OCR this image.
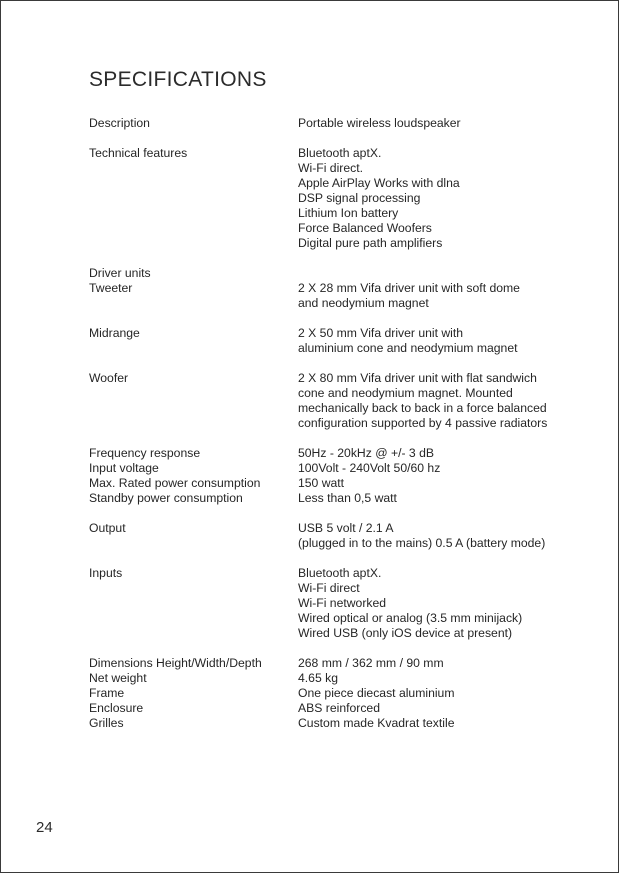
SPECIFICATIONS
Description	Portable wireless loudspeaker
Technical features	Bluetooth aptX.
Wi-Fi direct.
Apple AirPlay Works with dlna
DSP signal processing
Lithium Ion battery
Force Balanced Woofers
Digital pure path amplifiers
Driver units
Tweeter	2 X 28 mm Vifa driver unit with soft dome
and neodymium magnet
Midrange	2 X 50 mm Vifa driver unit with
aluminium cone and neodymium magnet
Woofer	2 X 80 mm Vifa driver unit with flat sandwich
cone and neodymium magnet. Mounted
mechanically back to back in a force balanced
configuration supported by 4 passive radiators
Frequency response	50Hz - 20kHz @ +/- 3 dB
Input voltage	100Volt - 240Volt 50/60 hz
Max. Rated power consumption	150 watt
Standby power consumption	Less than 0,5 watt
Output	USB 5 volt / 2.1 A
(plugged in to the mains) 0.5 A (battery mode)
Inputs	Bluetooth aptX.
Wi-Fi direct
Wi-Fi networked
Wired optical or analog (3.5 mm minijack)
Wired USB (only iOS device at present)
Dimensions Height/Width/Depth	268 mm / 362 mm / 90 mm
Net weight	4.65 kg
Frame	One piece diecast aluminium
Enclosure	ABS reinforced
Grilles	Custom made Kvadrat textile
24
